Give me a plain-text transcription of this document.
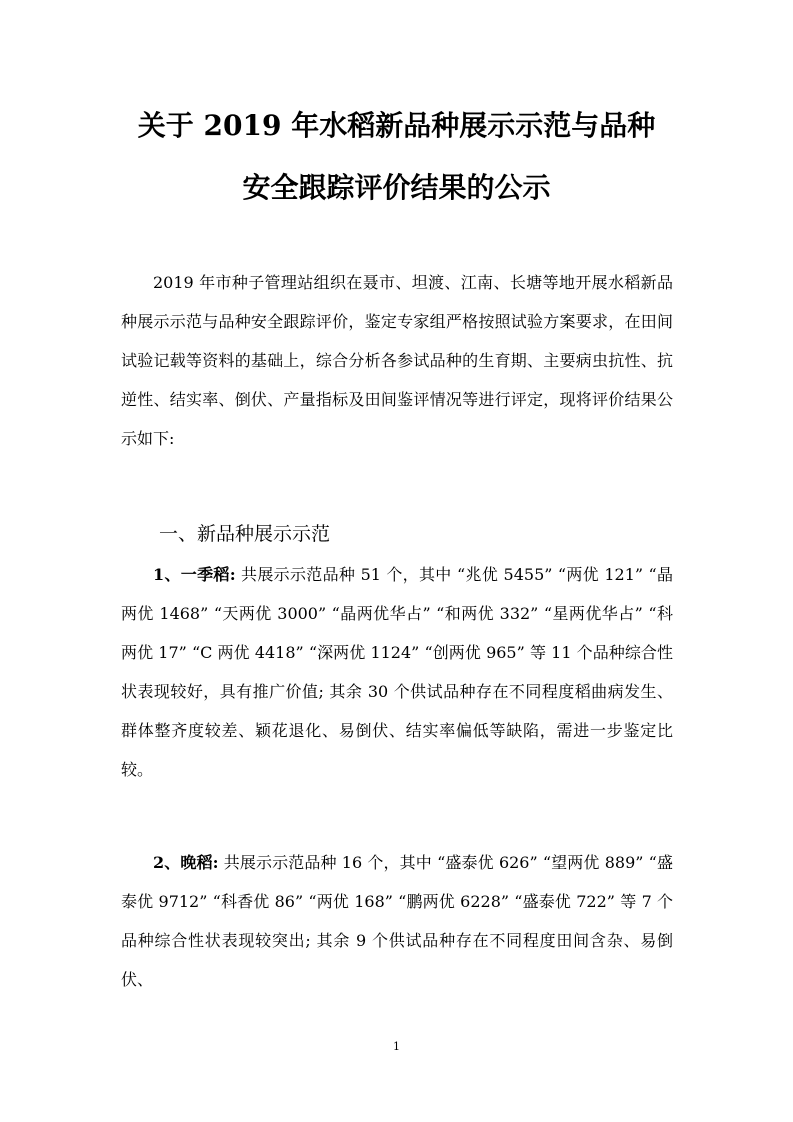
关于 2019 年水稻新品种展示示范与品种
安全跟踪评价结果的公示

2019 年市种子管理站组织在聂市、坦渡、江南、长塘等地开展水稻新品种展示示范与品种安全跟踪评价，鉴定专家组严格按照试验方案要求，在田间试验记载等资料的基础上，综合分析各参试品种的生育期、主要病虫抗性、抗逆性、结实率、倒伏、产量指标及田间鉴评情况等进行评定，现将评价结果公示如下:

一、新品种展示示范

1、一季稻: 共展示示范品种 51 个，其中 “兆优 5455” “两优 121” “晶两优 1468” “天两优 3000” “晶两优华占” “和两优 332” “星两优华占” “科两优 17” “C 两优 4418” “深两优 1124” “创两优 965” 等 11 个品种综合性状表现较好，具有推广价值; 其余 30 个供试品种存在不同程度稻曲病发生、群体整齐度较差、颖花退化、易倒伏、结实率偏低等缺陷，需进一步鉴定比较。

2、晚稻: 共展示示范品种 16 个，其中 “盛泰优 626” “望两优 889” “盛泰优 9712” “科香优 86” “两优 168” “鹏两优 6228” “盛泰优 722” 等 7 个品种综合性状表现较突出; 其余 9 个供试品种存在不同程度田间含杂、易倒伏、

1
